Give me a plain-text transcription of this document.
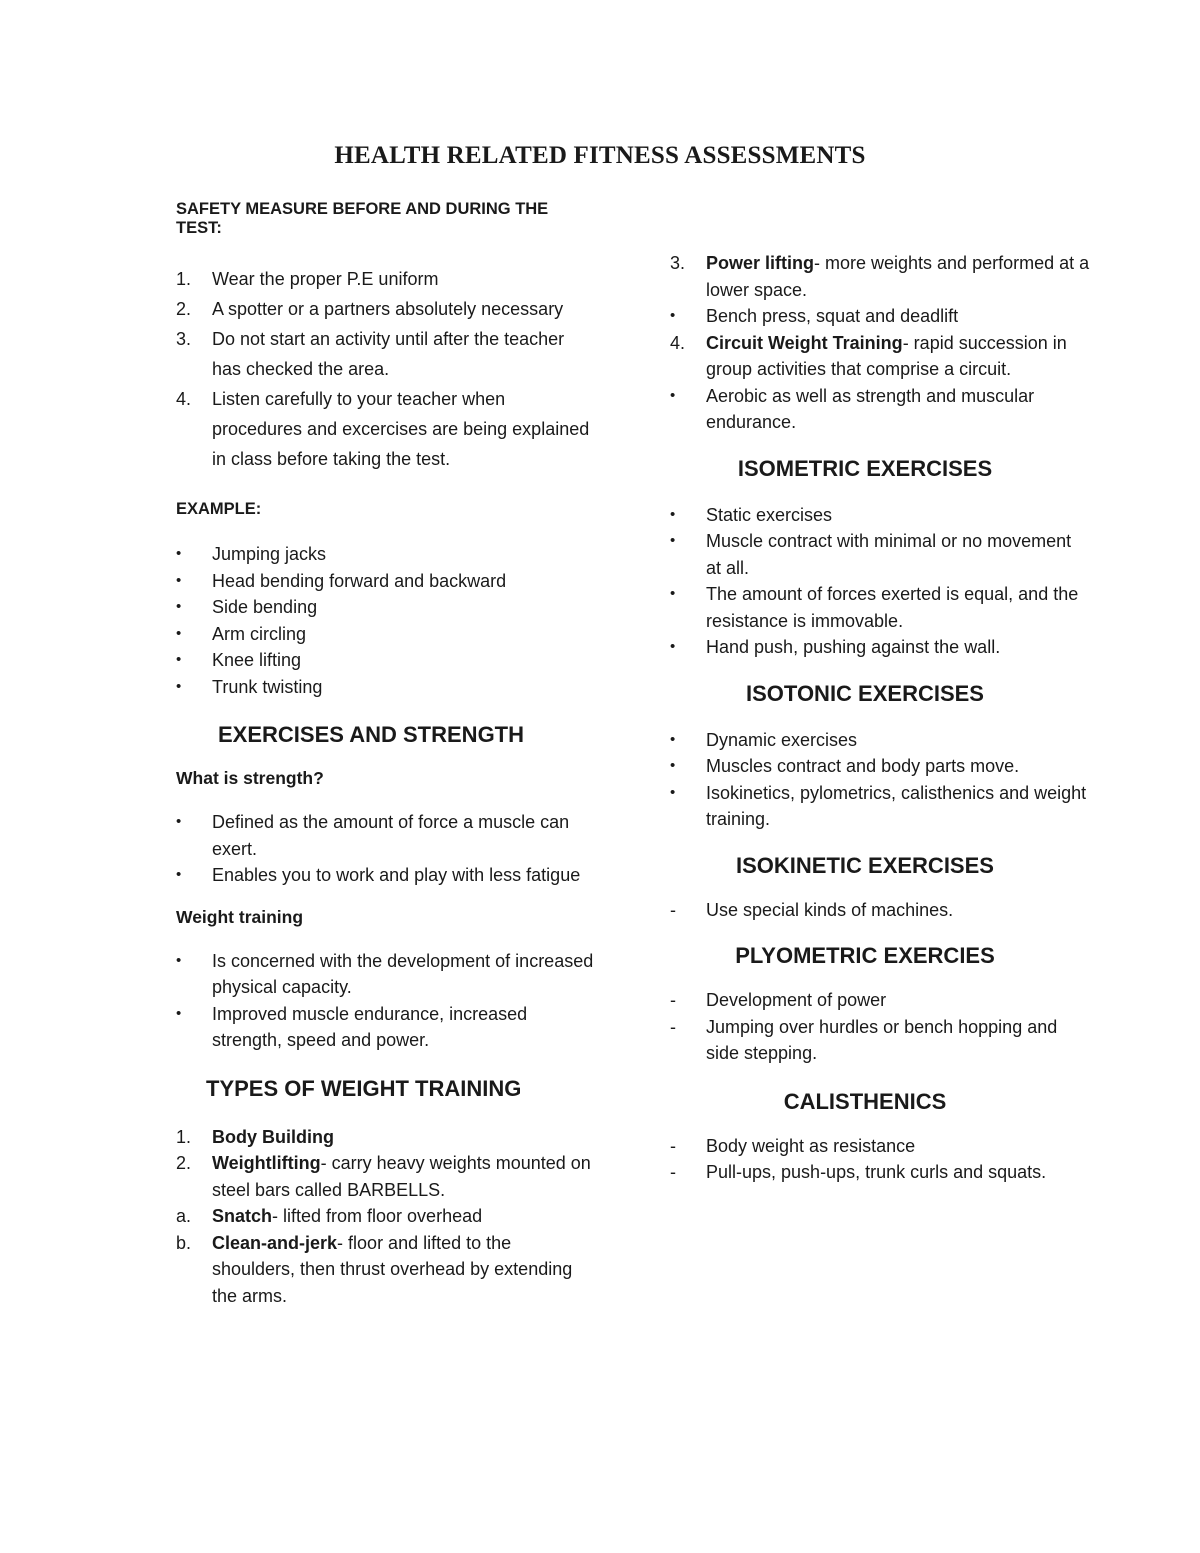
HEALTH RELATED FITNESS ASSESSMENTS

SAFETY MEASURE BEFORE AND DURING THE TEST:

1.	Wear the proper P.E uniform
2.	A spotter or a partners absolutely necessary
3.	Do not start an activity until after the teacher has checked the area.
4.	Listen carefully to your teacher when procedures and excercises are being explained in class before taking the test.

EXAMPLE:

•	Jumping jacks
•	Head bending forward and backward
•	Side bending
•	Arm circling
•	Knee lifting
•	Trunk twisting

EXERCISES AND STRENGTH

What is strength?

•	Defined as the amount of force a muscle can exert.
•	Enables you to work and play with less fatigue

Weight training

•	Is concerned with the development of increased physical capacity.
•	Improved muscle endurance, increased strength, speed and power.

TYPES OF WEIGHT TRAINING

1.	Body Building
2.	Weightlifting- carry heavy weights mounted on steel bars called BARBELLS.
a.	Snatch- lifted from floor overhead
b.	Clean-and-jerk- floor and lifted to the shoulders, then thrust overhead by extending the arms.
3.	Power lifting- more weights and performed at a lower space.
•	Bench press, squat and deadlift
4.	Circuit Weight Training- rapid succession in group activities that comprise a circuit.
•	Aerobic as well as strength and muscular endurance.

ISOMETRIC EXERCISES

•	Static exercises
•	Muscle contract with minimal or no movement at all.
•	The amount of forces exerted is equal, and the resistance is immovable.
•	Hand push, pushing against the wall.

ISOTONIC EXERCISES

•	Dynamic exercises
•	Muscles contract and body parts move.
•	Isokinetics, pylometrics, calisthenics and weight training.

ISOKINETIC EXERCISES

-	Use special kinds of machines.

PLYOMETRIC EXERCIES

-	Development of power
-	Jumping over hurdles or bench hopping and side stepping.

CALISTHENICS

-	Body weight as resistance
-	Pull-ups, push-ups, trunk curls and squats.
